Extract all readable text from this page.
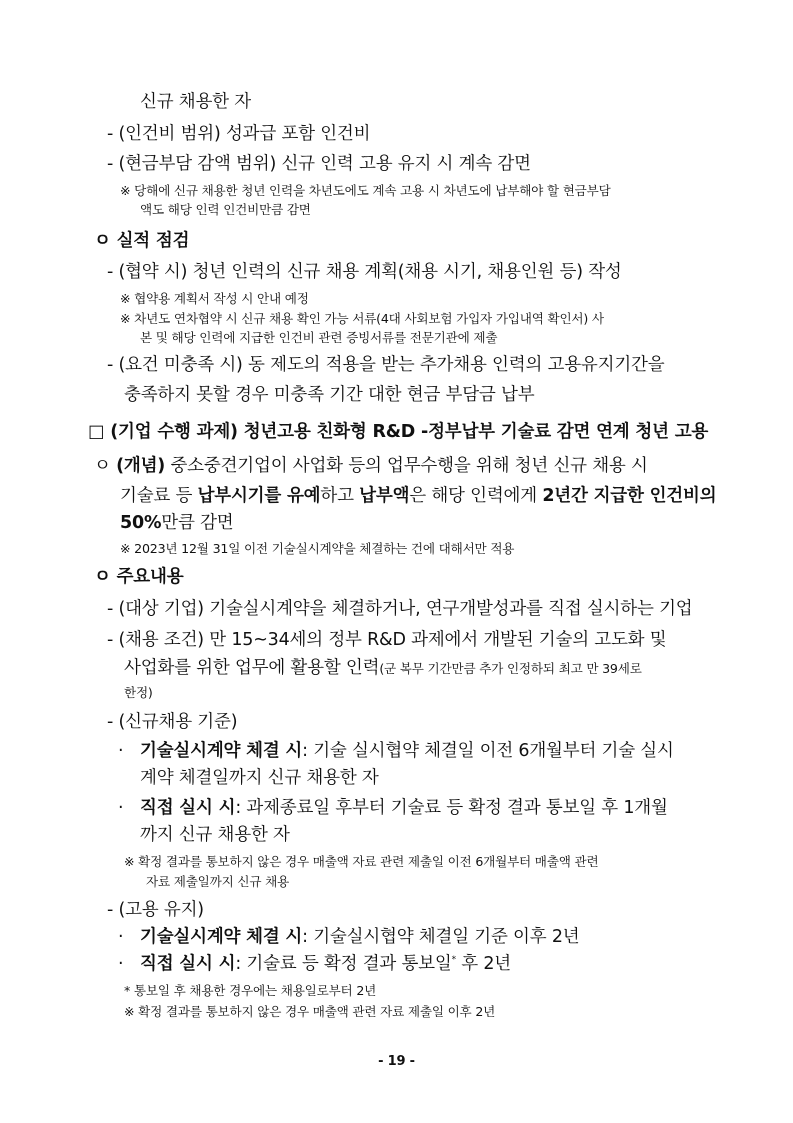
신규 채용한 자
- (인건비 범위) 성과급 포함 인건비
- (현금부담 감액 범위) 신규 인력 고용 유지 시 계속 감면
※ 당해에 신규 채용한 청년 인력을 차년도에도 계속 고용 시 차년도에 납부해야 할 현금부담
액도 해당 인력 인건비만큼 감면
ㅇ 실적 점검
- (협약 시) 청년 인력의 신규 채용 계획(채용 시기, 채용인원 등) 작성
※ 협약용 계획서 작성 시 안내 예정
※ 차년도 연차협약 시 신규 채용 확인 가능 서류(4대 사회보험 가입자 가입내역 확인서) 사
본 및 해당 인력에 지급한 인건비 관련 증빙서류를 전문기관에 제출
- (요건 미충족 시) 동 제도의 적용을 받는 추가채용 인력의 고용유지기간을
충족하지 못할 경우 미충족 기간 대한 현금 부담금 납부
□ (기업 수행 과제) 청년고용 친화형 R&D -정부납부 기술료 감면 연계 청년 고용
ㅇ (개념) 중소중견기업이 사업화 등의 업무수행을 위해 청년 신규 채용 시
기술료 등 납부시기를 유예하고 납부액은 해당 인력에게 2년간 지급한 인건비의
50%만큼 감면
※ 2023년 12월 31일 이전 기술실시계약을 체결하는 건에 대해서만 적용
ㅇ 주요내용
- (대상 기업) 기술실시계약을 체결하거나, 연구개발성과를 직접 실시하는 기업
- (채용 조건) 만 15~34세의 정부 R&D 과제에서 개발된 기술의 고도화 및
사업화를 위한 업무에 활용할 인력(군 복무 기간만큼 추가 인정하되 최고 만 39세로
한정)
- (신규채용 기준)
· 기술실시계약 체결 시: 기술 실시협약 체결일 이전 6개월부터 기술 실시
계약 체결일까지 신규 채용한 자
· 직접 실시 시: 과제종료일 후부터 기술료 등 확정 결과 통보일 후 1개월
까지 신규 채용한 자
※ 확정 결과를 통보하지 않은 경우 매출액 자료 관련 제출일 이전 6개월부터 매출액 관련
자료 제출일까지 신규 채용
- (고용 유지)
· 기술실시계약 체결 시: 기술실시협약 체결일 기준 이후 2년
· 직접 실시 시: 기술료 등 확정 결과 통보일* 후 2년
* 통보일 후 채용한 경우에는 채용일로부터 2년
※ 확정 결과를 통보하지 않은 경우 매출액 관련 자료 제출일 이후 2년
- 19 -
